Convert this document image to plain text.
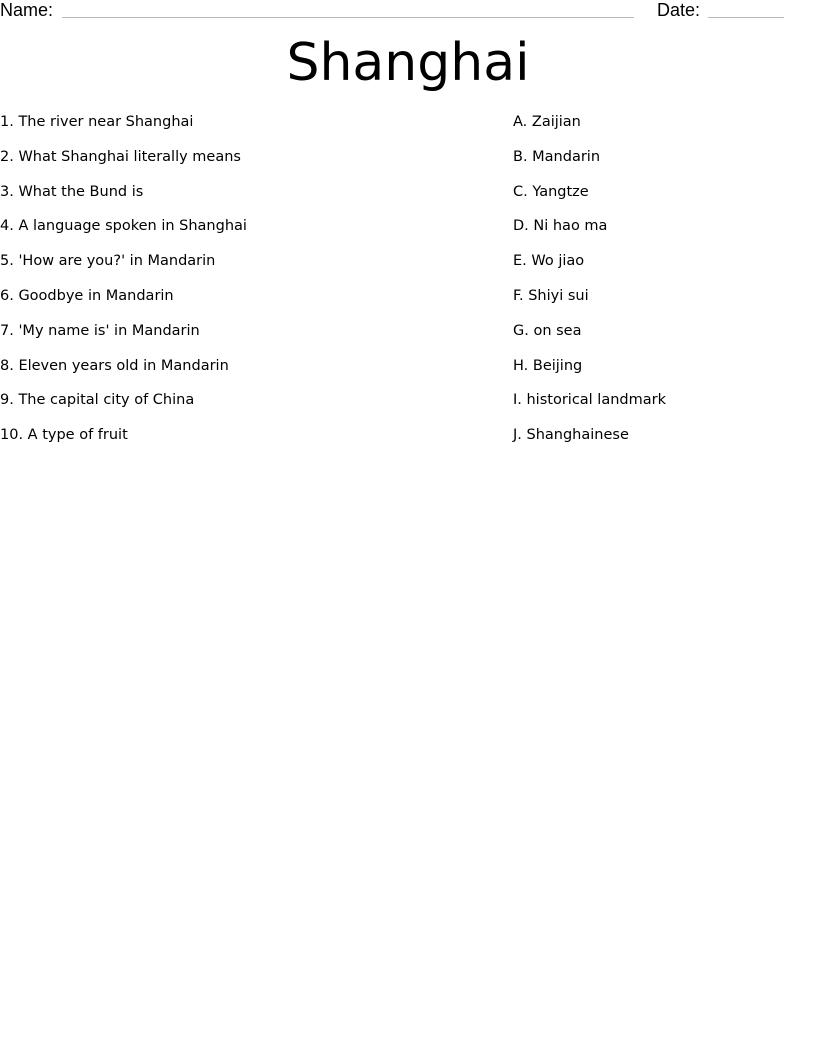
Name:	Date:
Shanghai
1. The river near Shanghai
2. What Shanghai literally means
3. What the Bund is
4. A language spoken in Shanghai
5. 'How are you?' in Mandarin
6. Goodbye in Mandarin
7. 'My name is' in Mandarin
8. Eleven years old in Mandarin
9. The capital city of China
10. A type of fruit
A. Zaijian
B. Mandarin
C. Yangtze
D. Ni hao ma
E. Wo jiao
F. Shiyi sui
G. on sea
H. Beijing
I. historical landmark
J. Shanghainese
